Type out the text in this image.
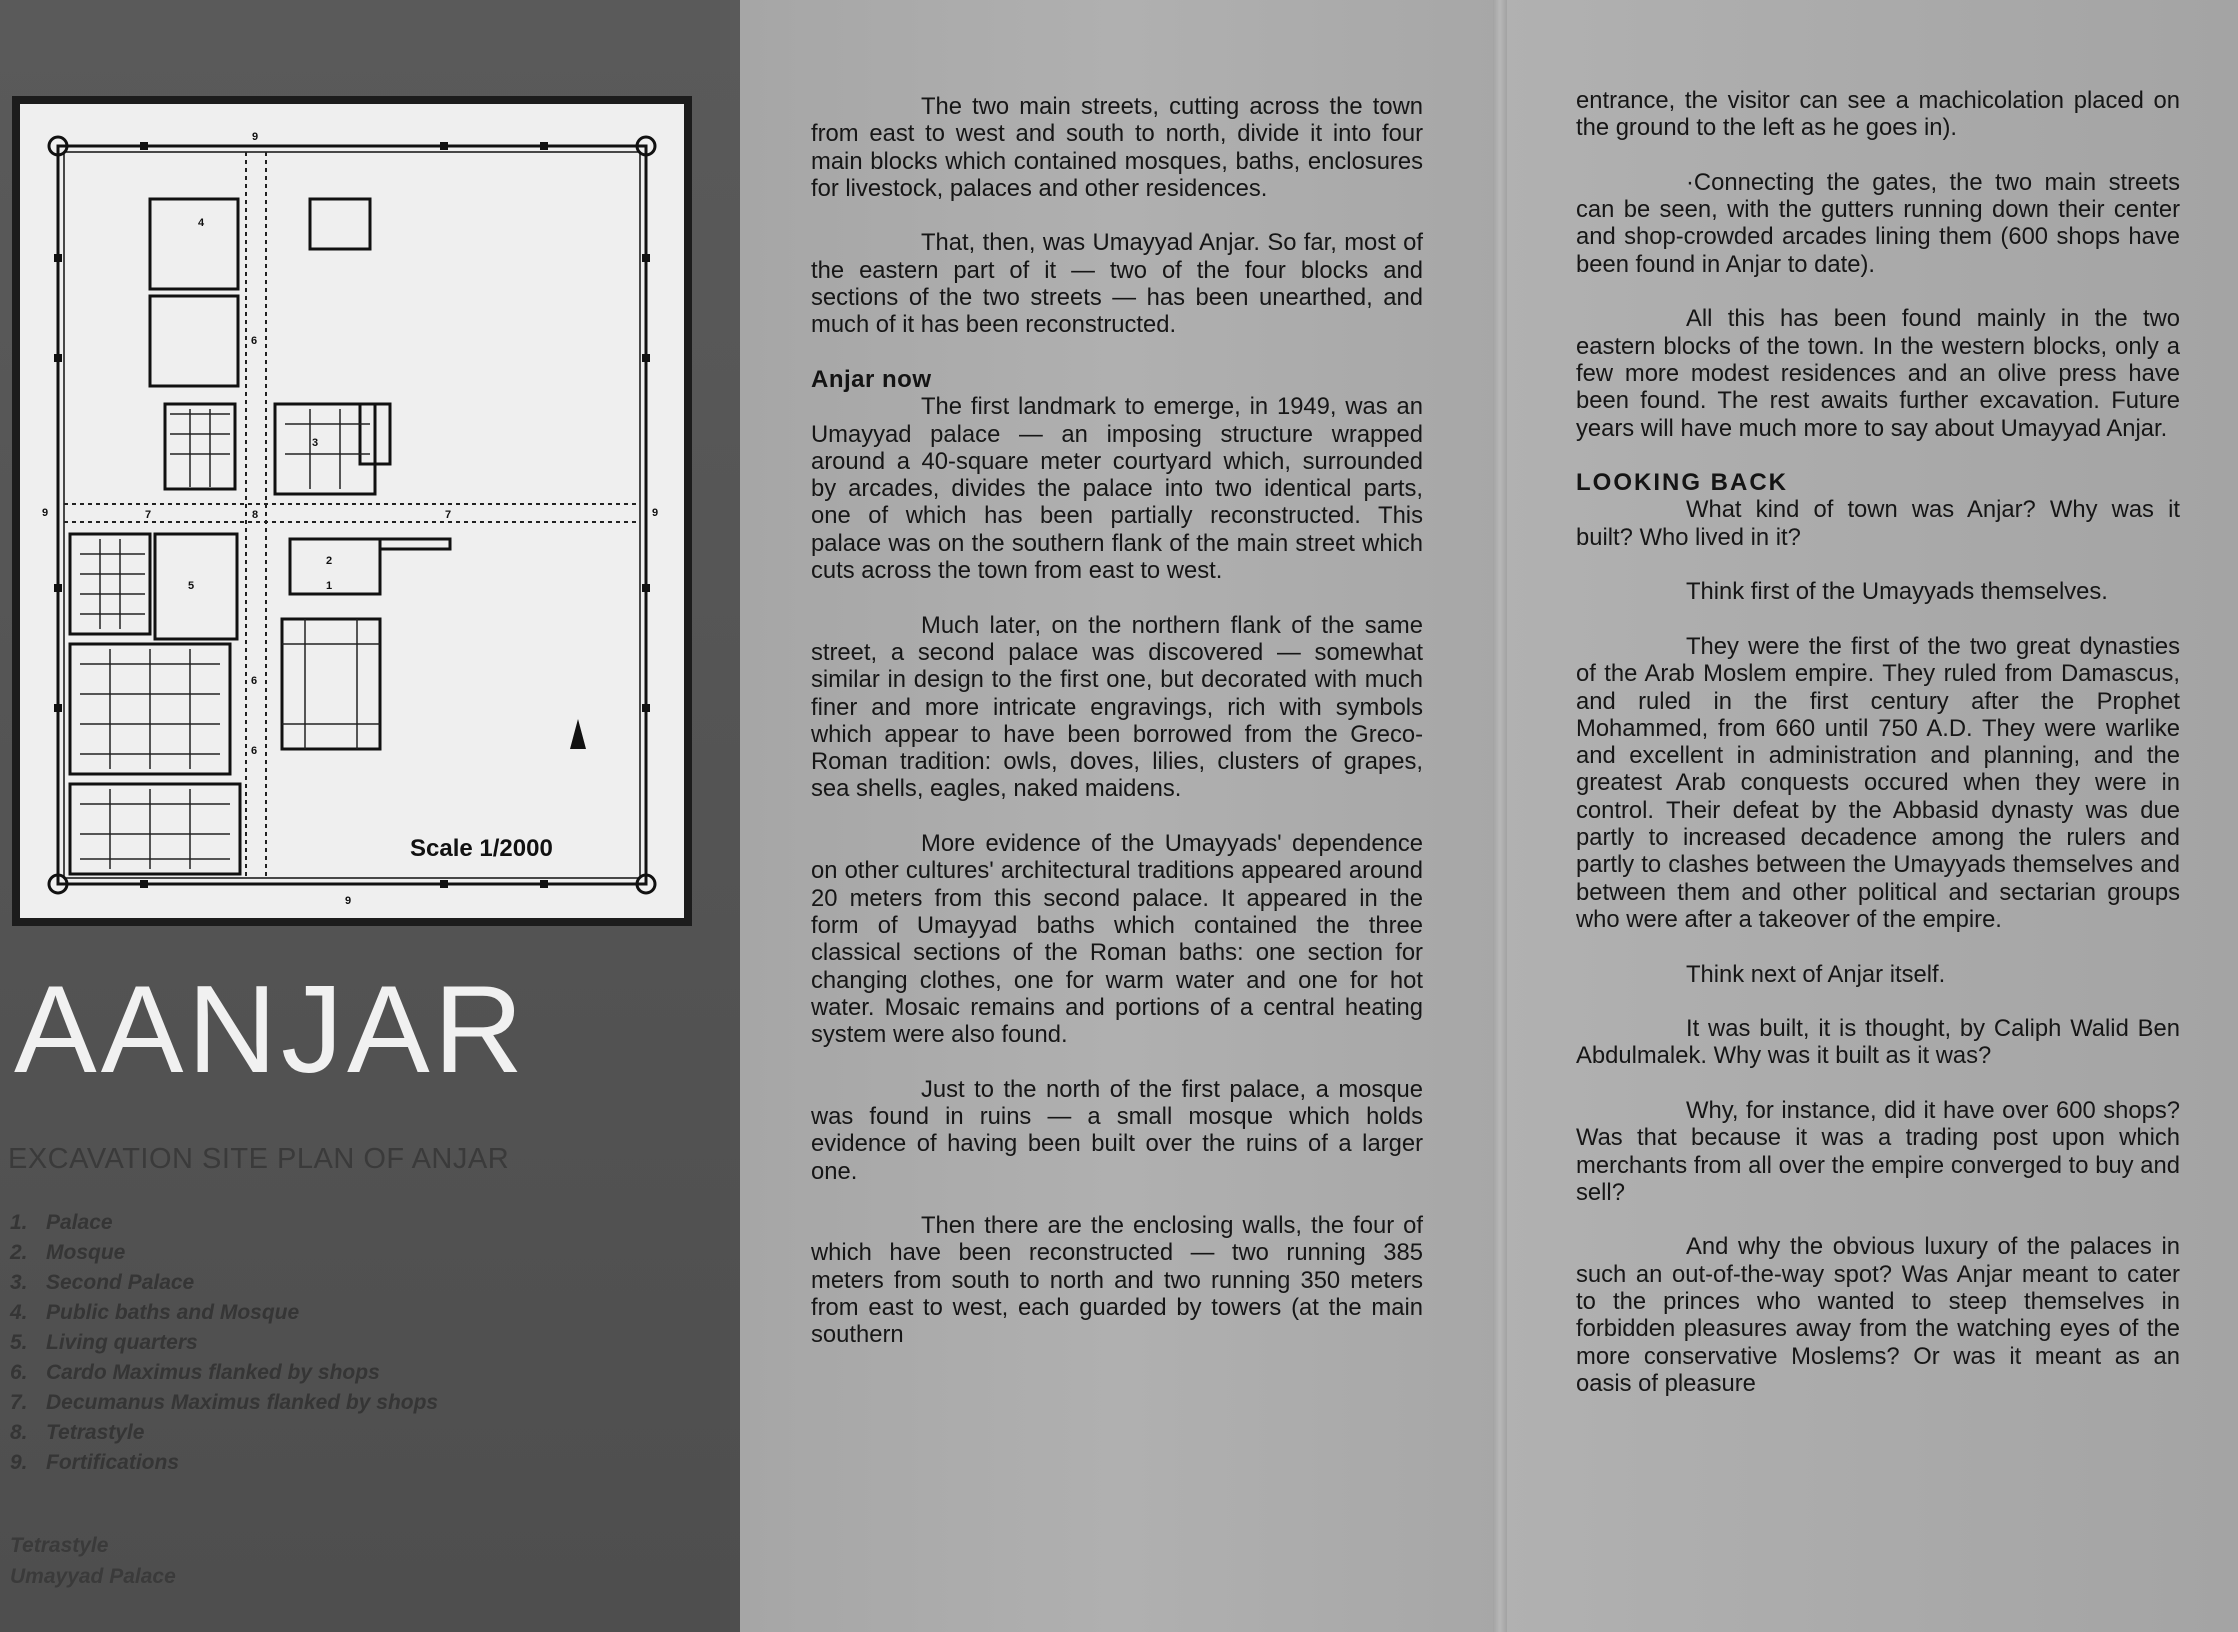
1
2
3
4
5
6
6
6
7	7
8
9
9	9
9
Scale 1/2000
AANJAR
EXCAVATION SITE PLAN OF ANJAR
1. Palace
2. Mosque
3. Second Palace
4. Public baths and Mosque
5. Living quarters
6. Cardo Maximus flanked by shops
7. Decumanus Maximus flanked by shops
8. Tetrastyle
9. Fortifications
Tetrastyle
Umayyad Palace

The two main streets, cutting across the town from east to west and south to north, divide it into four main blocks which contained mosques, baths, enclosures for livestock, palaces and other residences.

That, then, was Umayyad Anjar. So far, most of the eastern part of it — two of the four blocks and sections of the two streets — has been unearthed, and much of it has been reconstructed.

Anjar now

The first landmark to emerge, in 1949, was an Umayyad palace — an imposing structure wrapped around a 40-square meter courtyard which, surrounded by arcades, divides the palace into two identical parts, one of which has been partially reconstructed. This palace was on the southern flank of the main street which cuts across the town from east to west.

Much later, on the northern flank of the same street, a second palace was discovered — somewhat similar in design to the first one, but decorated with much finer and more intricate engravings, rich with symbols which appear to have been borrowed from the Greco-Roman tradition: owls, doves, lilies, clusters of grapes, sea shells, eagles, naked maidens.

More evidence of the Umayyads' dependence on other cultures' architectural traditions appeared around 20 meters from this second palace. It appeared in the form of Umayyad baths which contained the three classical sections of the Roman baths: one section for changing clothes, one for warm water and one for hot water. Mosaic remains and portions of a central heating system were also found.

Just to the north of the first palace, a mosque was found in ruins — a small mosque which holds evidence of having been built over the ruins of a larger one.

Then there are the enclosing walls, the four of which have been reconstructed — two running 385 meters from south to north and two running 350 meters from east to west, each guarded by towers (at the main southern

entrance, the visitor can see a machicolation placed on the ground to the left as he goes in).

·Connecting the gates, the two main streets can be seen, with the gutters running down their center and shop-crowded arcades lining them (600 shops have been found in Anjar to date).

All this has been found mainly in the two eastern blocks of the town. In the western blocks, only a few more modest residences and an olive press have been found. The rest awaits further excavation. Future years will have much more to say about Umayyad Anjar.

LOOKING BACK

What kind of town was Anjar? Why was it built? Who lived in it?

Think first of the Umayyads themselves.

They were the first of the two great dynasties of the Arab Moslem empire. They ruled from Damascus, and ruled in the first century after the Prophet Mohammed, from 660 until 750 A.D. They were warlike and excellent in administration and planning, and the greatest Arab conquests occured when they were in control. Their defeat by the Abbasid dynasty was due partly to increased decadence among the rulers and partly to clashes between the Umayyads themselves and between them and other political and sectarian groups who were after a takeover of the empire.

Think next of Anjar itself.

It was built, it is thought, by Caliph Walid Ben Abdulmalek. Why was it built as it was?

Why, for instance, did it have over 600 shops? Was that because it was a trading post upon which merchants from all over the empire converged to buy and sell?

And why the obvious luxury of the palaces in such an out-of-the-way spot? Was Anjar meant to cater to the princes who wanted to steep themselves in forbidden pleasures away from the watching eyes of the more conservative Moslems? Or was it meant as an oasis of pleasure
